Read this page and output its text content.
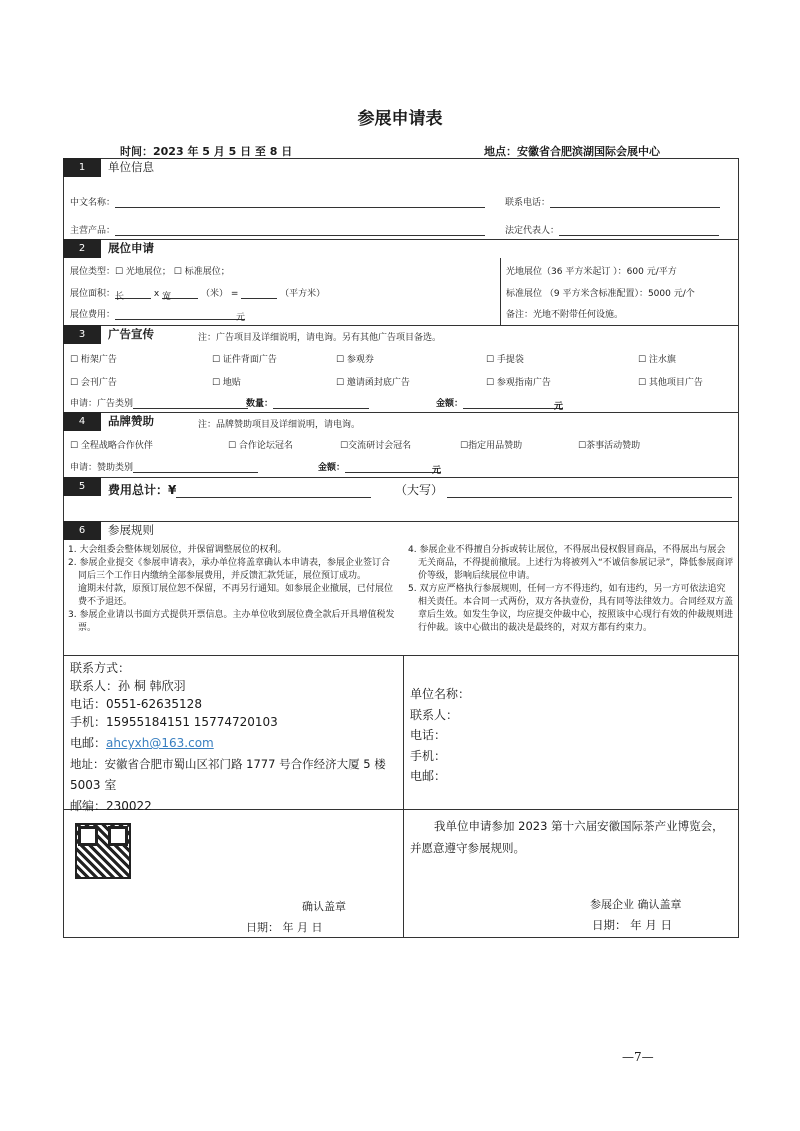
参展申请表
时间：2023 年 5 月 5 日 至 8 日	地点：安徽省合肥滨湖国际会展中心
1	单位信息
中文名称：	联系电话：
主营产品：	法定代表人：
2	展位申请
展位类型：☐ 光地展位； ☐ 标准展位；
展位面积：长	x 宽	（米） =	（平方米）
展位费用：	元
光地展位（36 平方米起订 ）：600 元/平方
标准展位 （9 平方米含标准配置）：5000 元/个
备注：光地不附带任何设施。
3	广告宣传	注：广告项目及详细说明，请电询。另有其他广告项目备选。
☐ 桁架广告	☐ 证件背面广告	☐ 参观券	☐ 手提袋	☐ 注水旗
☐ 会刊广告	☐ 地贴	☐ 邀请函封底广告	☐ 参观指南广告	☐ 其他项目广告
申请：广告类别	数量：	金额：	元
4	品牌赞助	注：品牌赞助项目及详细说明，请电询。
☐ 全程战略合作伙伴	☐ 合作论坛冠名	☐交流研讨会冠名	☐指定用品赞助	☐茶事活动赞助
申请：赞助类别	金额：	元
5	费用总计：¥	（大写）
6	参展规则
1. 大会组委会整体规划展位，并保留调整展位的权利。
2. 参展企业提交《参展申请表》，承办单位将盖章确认本申请表，参展企业签订合同后三个工作日内缴纳全部参展费用，并反馈汇款凭证，展位预订成功。
逾期未付款，原预订展位恕不保留，不再另行通知。如参展企业撤展，已付展位费不予退还。
3. 参展企业请以书面方式提供开票信息。主办单位收到展位费全款后开具增值税发票。
4. 参展企业不得擅自分拆或转让展位，不得展出侵权假冒商品，不得展出与展会无关商品，不得提前撤展。上述行为将被列入“不诚信参展记录”，降低参展商评价等级，影响后续展位申请。
5. 双方应严格执行参展规则，任何一方不得违约，如有违约，另一方可依法追究相关责任。本合同一式两份，双方各执壹份，具有同等法律效力。合同经双方盖章后生效。如发生争议，均应提交仲裁中心，按照该中心现行有效的仲裁规则进行仲裁。该中心做出的裁决是最终的，对双方都有约束力。
联系方式：
联系人：孙 桐 韩欣羽
电话：0551-62635128
手机：15955184151 15774720103
电邮：ahcyxh@163.com
地址：安徽省合肥市蜀山区祁门路 1777 号合作经济大厦 5 楼
5003 室
邮编：230022
单位名称：
联系人：
电话：
手机：
电邮：
确认盖章
日期： 年 月 日
我单位申请参加 2023 第十六届安徽国际茶产业博览会，并愿意遵守参展规则。
参展企业 确认盖章
日期： 年 月 日
—7—
